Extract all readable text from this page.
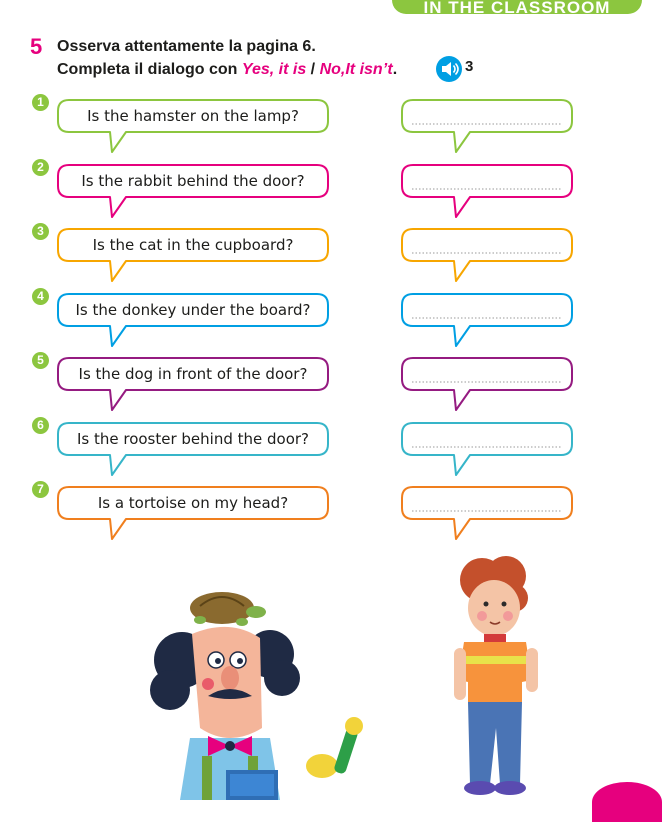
IN THE CLASSROOM
5 Osserva attentamente la pagina 6.
Completa il dialogo con Yes, it is / No,It isn’t.	3
1
Is the hamster on the lamp?
2
Is the rabbit behind the door?
3
Is the cat in the cupboard?
4
Is the donkey under the board?
5
Is the dog in front of the door?
6
Is the rooster behind the door?
7
Is a tortoise on my head?
